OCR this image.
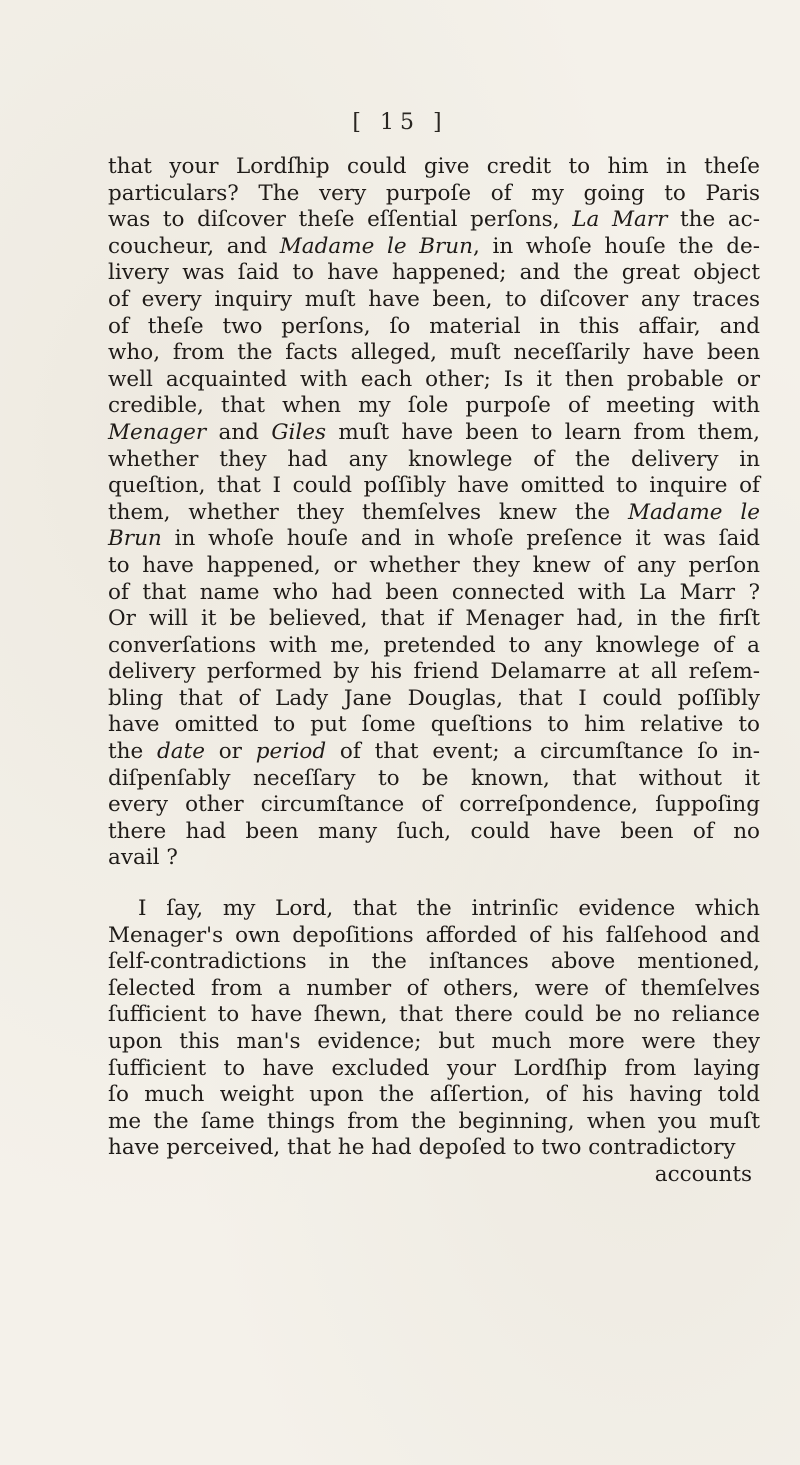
[ 15 ]
that your Lordſhip could give credit to him in theſe
particulars? The very purpoſe of my going to Paris
was to diſcover theſe eſſential perſons, La Marr the ac-
coucheur, and Madame le Brun, in whoſe houſe the de-
livery was ſaid to have happened; and the great object
of every inquiry muſt have been, to diſcover any traces
of theſe two perſons, ſo material in this affair, and
who, from the facts alleged, muſt neceſſarily have been
well acquainted with each other; Is it then probable or
credible, that when my ſole purpoſe of meeting with
Menager and Giles muſt have been to learn from them,
whether they had any knowlege of the delivery in
queſtion, that I could poſſibly have omitted to inquire of
them, whether they themſelves knew the Madame le
Brun in whoſe houſe and in whoſe preſence it was ſaid
to have happened, or whether they knew of any perſon
of that name who had been connected with La Marr ?
Or will it be believed, that if Menager had, in the firſt
converſations with me, pretended to any knowlege of a
delivery performed by his friend Delamarre at all reſem-
bling that of Lady Jane Douglas, that I could poſſibly
have omitted to put ſome queſtions to him relative to
the date or period of that event; a circumſtance ſo in-
diſpenſably neceſſary to be known, that without it
every other circumſtance of correſpondence, ſuppoſing
there had been many ſuch, could have been of no
avail ?
I ſay, my Lord, that the intrinſic evidence which
Menager's own depoſitions afforded of his falſehood and
ſelf-contradictions in the inſtances above mentioned,
ſelected from a number of others, were of themſelves
ſufficient to have ſhewn, that there could be no reliance
upon this man's evidence; but much more were they
ſufficient to have excluded your Lordſhip from laying
ſo much weight upon the aſſertion, of his having told
me the ſame things from the beginning, when you muſt
have perceived, that he had depoſed to two contradictory
accounts
